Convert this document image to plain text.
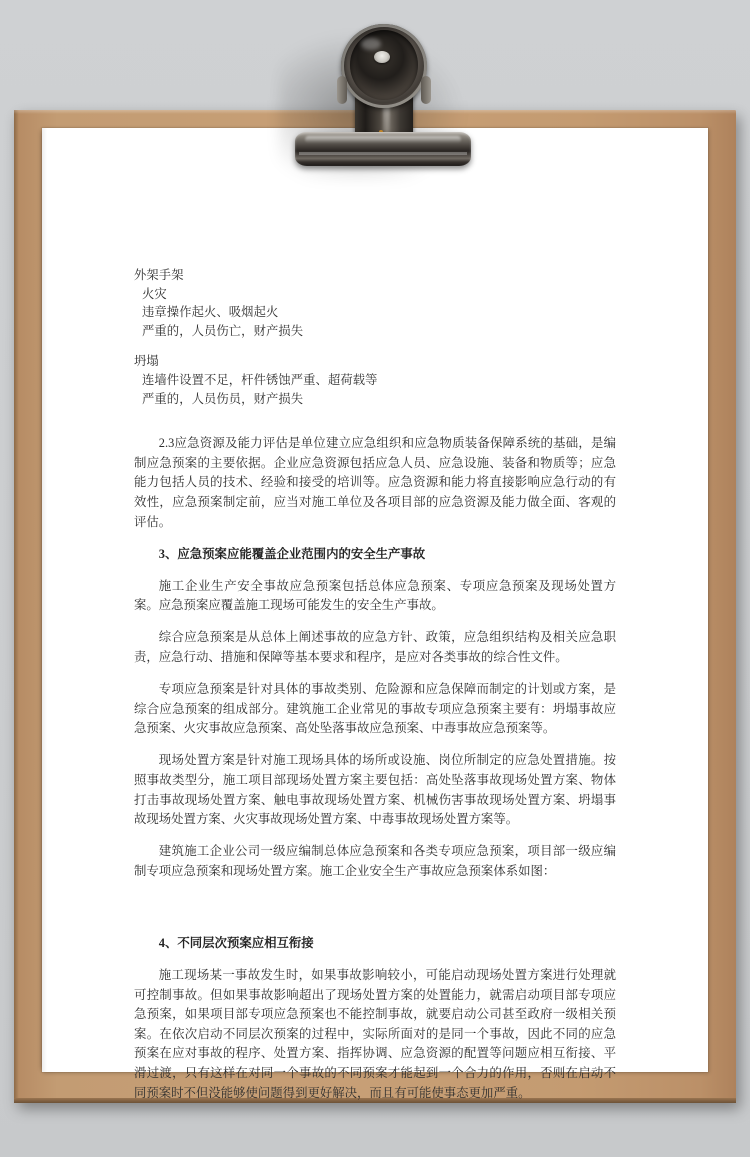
外架手架
火灾
违章操作起火、吸烟起火
严重的，人员伤亡，财产损失
坍塌
连墙件设置不足，杆件锈蚀严重、超荷载等
严重的，人员伤员，财产损失

2.3应急资源及能力评估是单位建立应急组织和应急物质装备保障系统的基础，是编制应急预案的主要依据。企业应急资源包括应急人员、应急设施、装备和物质等；应急能力包括人员的技术、经验和接受的培训等。应急资源和能力将直接影响应急行动的有效性，应急预案制定前，应当对施工单位及各项目部的应急资源及能力做全面、客观的评估。

3、应急预案应能覆盖企业范围内的安全生产事故

施工企业生产安全事故应急预案包括总体应急预案、专项应急预案及现场处置方案。应急预案应覆盖施工现场可能发生的安全生产事故。

综合应急预案是从总体上阐述事故的应急方针、政策，应急组织结构及相关应急职责，应急行动、措施和保障等基本要求和程序，是应对各类事故的综合性文件。

专项应急预案是针对具体的事故类别、危险源和应急保障而制定的计划或方案，是综合应急预案的组成部分。建筑施工企业常见的事故专项应急预案主要有：坍塌事故应急预案、火灾事故应急预案、高处坠落事故应急预案、中毒事故应急预案等。

现场处置方案是针对施工现场具体的场所或设施、岗位所制定的应急处置措施。按照事故类型分，施工项目部现场处置方案主要包括：高处坠落事故现场处置方案、物体打击事故现场处置方案、触电事故现场处置方案、机械伤害事故现场处置方案、坍塌事故现场处置方案、火灾事故现场处置方案、中毒事故现场处置方案等。

建筑施工企业公司一级应编制总体应急预案和各类专项应急预案，项目部一级应编制专项应急预案和现场处置方案。施工企业安全生产事故应急预案体系如图：

4、不同层次预案应相互衔接

施工现场某一事故发生时，如果事故影响较小，可能启动现场处置方案进行处理就可控制事故。但如果事故影响超出了现场处置方案的处置能力，就需启动项目部专项应急预案，如果项目部专项应急预案也不能控制事故，就要启动公司甚至政府一级相关预案。在依次启动不同层次预案的过程中，实际所面对的是同一个事故，因此不同的应急预案在应对事故的程序、处置方案、指挥协调、应急资源的配置等问题应相互衔接、平滑过渡，只有这样在对同一个事故的不同预案才能起到一个合力的作用，否则在启动不同预案时不但没能够使问题得到更好解决，而且有可能使事态更加严重。
